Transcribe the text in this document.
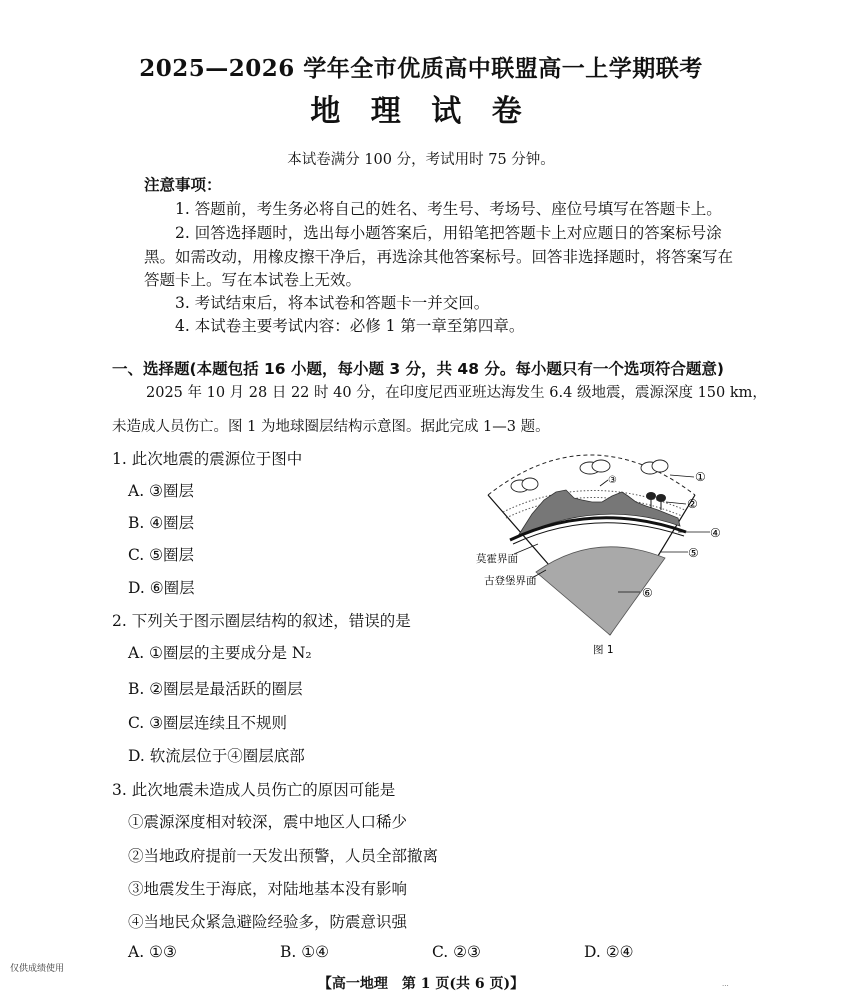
2025—2026 学年全市优质高中联盟高一上学期联考
地 理 试 卷
本试卷满分 100 分，考试用时 75 分钟。
注意事项：
1. 答题前，考生务必将自己的姓名、考生号、考场号、座位号填写在答题卡上。
2. 回答选择题时，选出每小题答案后，用铅笔把答题卡上对应题日的答案标号涂
黑。如需改动，用橡皮擦干净后，再选涂其他答案标号。回答非选择题时，将答案写在
答题卡上。写在本试卷上无效。
3. 考试结束后，将本试卷和答题卡一并交回。
4. 本试卷主要考试内容：必修 1 第一章至第四章。
一、选择题(本题包括 16 小题，每小题 3 分，共 48 分。每小题只有一个选项符合题意)
2025 年 10 月 28 日 22 时 40 分，在印度尼西亚班达海发生 6.4 级地震，震源深度 150 km，
未造成人员伤亡。图 1 为地球圈层结构示意图。据此完成 1—3 题。
1. 此次地震的震源位于图中
A. ③圈层
B. ④圈层
C. ⑤圈层
D. ⑥圈层
2. 下列关于图示圈层结构的叙述，错误的是
A. ①圈层的主要成分是 N₂
B. ②圈层是最活跃的圈层
C. ③圈层连续且不规则
D. 软流层位于④圈层底部
3. 此次地震未造成人员伤亡的原因可能是
①震源深度相对较深，震中地区人口稀少
②当地政府提前一天发出预警，人员全部撤离
③地震发生于海底，对陆地基本没有影响
④当地民众紧急避险经验多，防震意识强
A. ①③	B. ①④	C. ②③	D. ②④
①
③
②
④
⑤
⑥
莫霍界面
古登堡界面
图 1
仅供成绩使用
【高一地理　第 1 页(共 6 页)】	...
